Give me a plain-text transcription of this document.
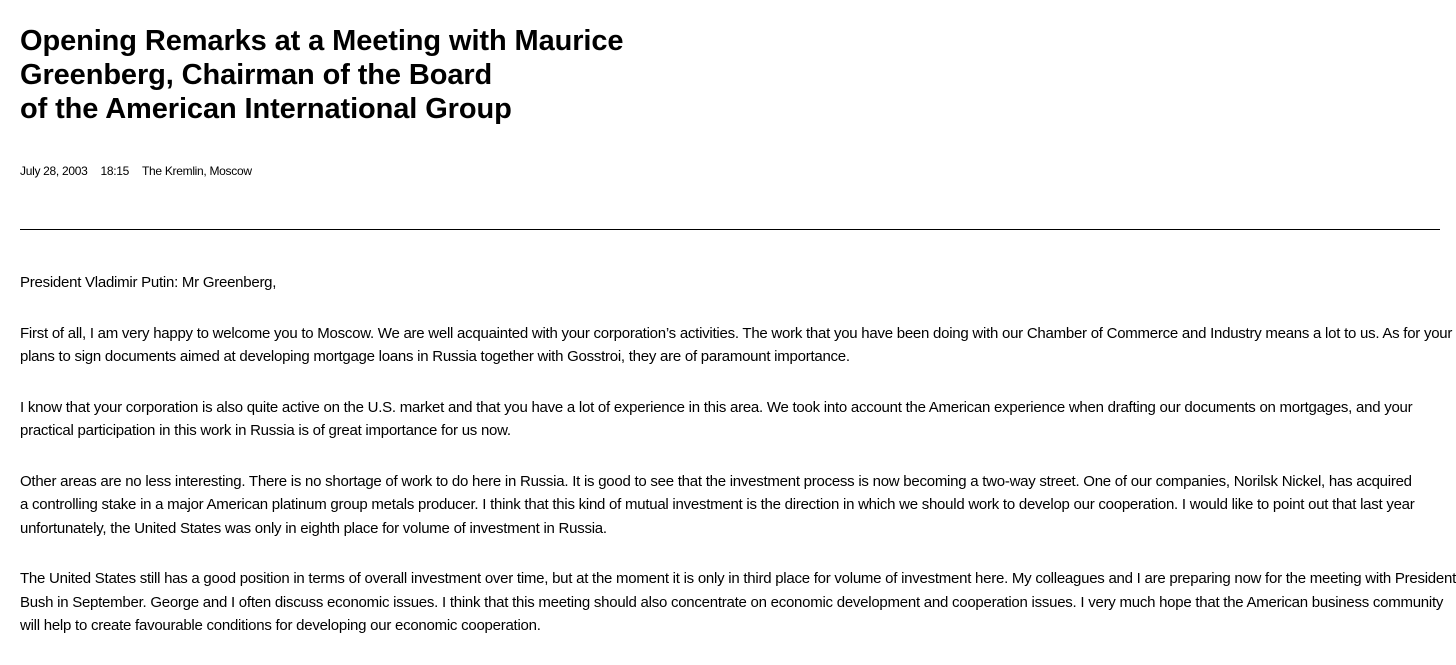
Opening Remarks at a Meeting with Maurice
Greenberg, Chairman of the Board
of the American International Group
July 28, 2003 18:15 The Kremlin, Moscow

President Vladimir Putin: Mr Greenberg,

First of all, I am very happy to welcome you to Moscow. We are well acquainted with your corporation’s activities. The work that you have been doing with our Chamber of Commerce and Industry means a lot to us. As for your
plans to sign documents aimed at developing mortgage loans in Russia together with Gosstroi, they are of paramount importance.

I know that your corporation is also quite active on the U.S. market and that you have a lot of experience in this area. We took into account the American experience when drafting our documents on mortgages, and your
practical participation in this work in Russia is of great importance for us now.

Other areas are no less interesting. There is no shortage of work to do here in Russia. It is good to see that the investment process is now becoming a two-way street. One of our companies, Norilsk Nickel, has acquired
a controlling stake in a major American platinum group metals producer. I think that this kind of mutual investment is the direction in which we should work to develop our cooperation. I would like to point out that last year
unfortunately, the United States was only in eighth place for volume of investment in Russia.

The United States still has a good position in terms of overall investment over time, but at the moment it is only in third place for volume of investment here. My colleagues and I are preparing now for the meeting with President
Bush in September. George and I often discuss economic issues. I think that this meeting should also concentrate on economic development and cooperation issues. I very much hope that the American business community
will help to create favourable conditions for developing our economic cooperation.
